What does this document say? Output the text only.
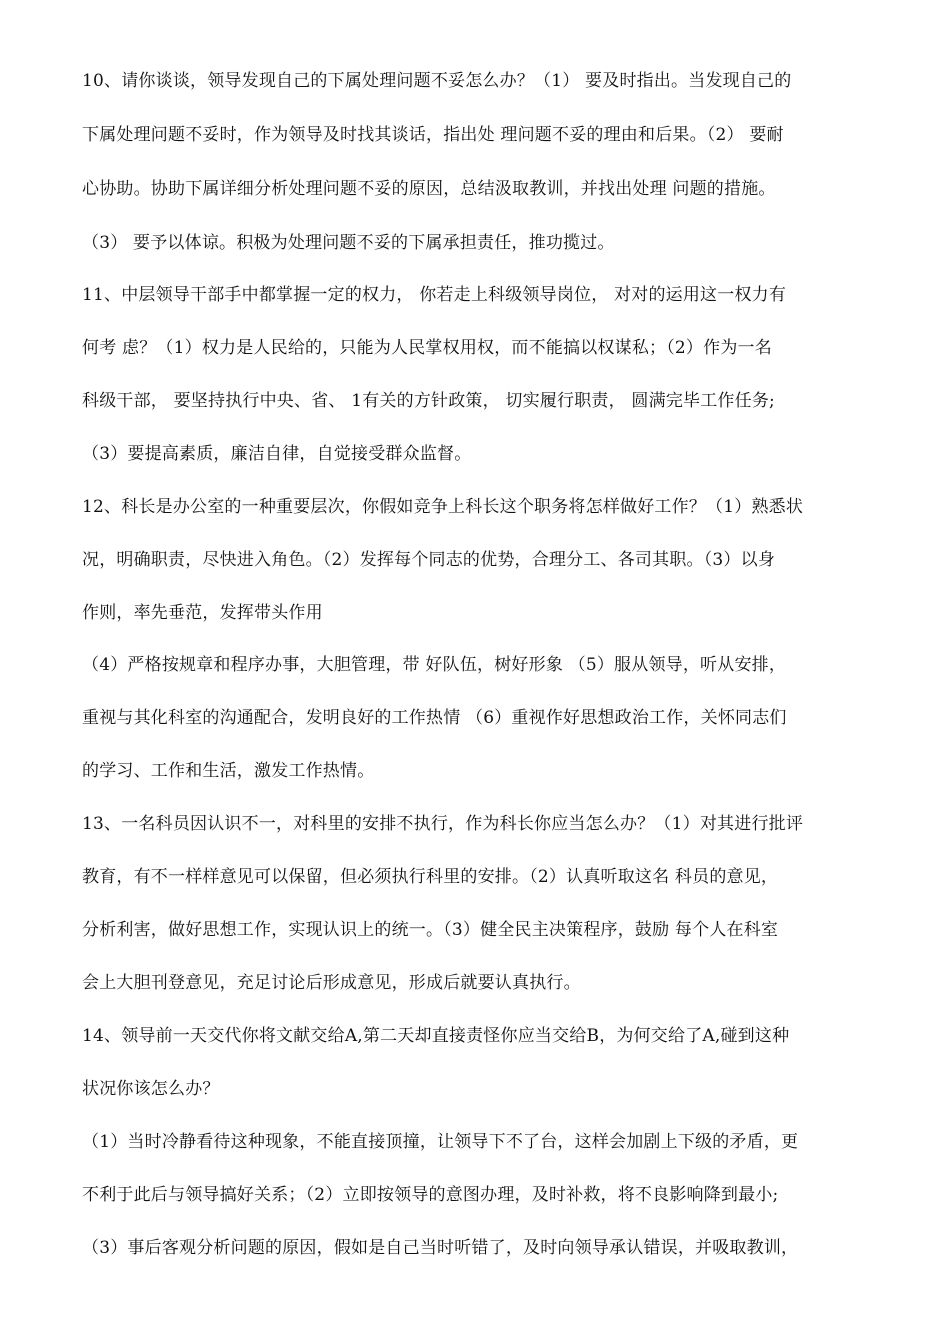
10、请你谈谈，领导发现自己的下属处理问题不妥怎么办？（1） 要及时指出。当发现自己的
下属处理问题不妥时，作为领导及时找其谈话，指出处 理问题不妥的理由和后果。（2） 要耐
心协助。协助下属详细分析处理问题不妥的原因，总结汲取教训，并找出处理 问题的措施。
（3） 要予以体谅。积极为处理问题不妥的下属承担责任，推功揽过。
11、中层领导干部手中都掌握一定的权力， 你若走上科级领导岗位， 对对的运用这一权力有
何考 虑？（1）权力是人民给的，只能为人民掌权用权，而不能搞以权谋私；（2）作为一名
科级干部， 要坚持执行中央、省、 1有关的方针政策， 切实履行职责， 圆满完毕工作任务;
（3）要提高素质，廉洁自律，自觉接受群众监督。
12、科长是办公室的一种重要层次，你假如竞争上科长这个职务将怎样做好工作？（1）熟悉状
况，明确职责，尽快进入角色。（2）发挥每个同志的优势，合理分工、各司其职。（3）以身
作则，率先垂范，发挥带头作用
（4）严格按规章和程序办事，大胆管理，带 好队伍，树好形象 （5）服从领导，听从安排，
重视与其化科室的沟通配合，发明良好的工作热情 （6）重视作好思想政治工作，关怀同志们
的学习、工作和生活，激发工作热情。
13、一名科员因认识不一，对科里的安排不执行，作为科长你应当怎么办？（1）对其进行批评
教育，有不一样样意见可以保留，但必须执行科里的安排。（2）认真听取这名 科员的意见，
分析利害，做好思想工作，实现认识上的统一。（3）健全民主决策程序，鼓励 每个人在科室
会上大胆刊登意见，充足讨论后形成意见，形成后就要认真执行。
14、领导前一天交代你将文献交给A,第二天却直接责怪你应当交给B，为何交给了A,碰到这种
状况你该怎么办？
（1）当时冷静看待这种现象，不能直接顶撞，让领导下不了台，这样会加剧上下级的矛盾，更
不利于此后与领导搞好关系；（2）立即按领导的意图办理，及时补救，将不良影响降到最小;
（3）事后客观分析问题的原因，假如是自己当时听错了，及时向领导承认错误，并吸取教训，
